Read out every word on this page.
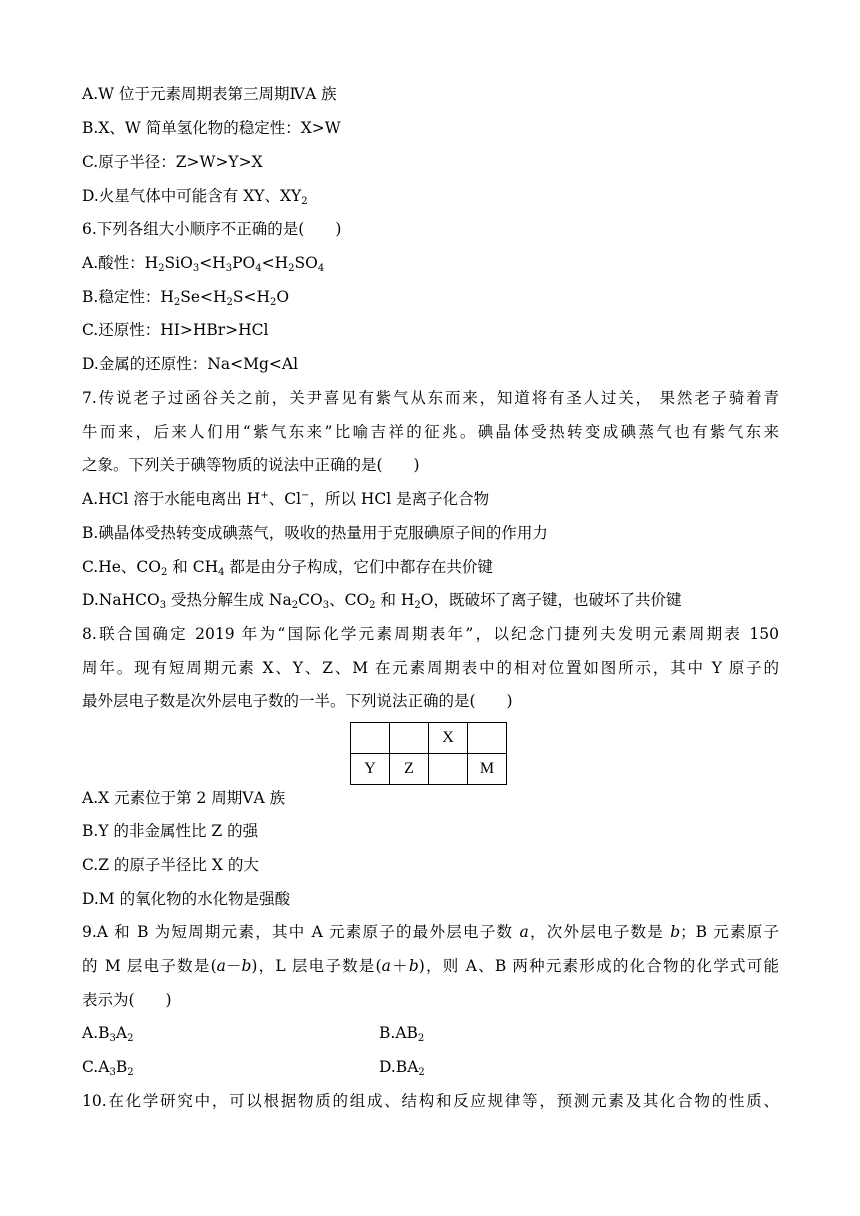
A.W 位于元素周期表第三周期ⅣA 族
B.X、W 简单氢化物的稳定性：X>W
C.原子半径：Z>W>Y>X
D.火星气体中可能含有 XY、$XY_2$
6.下列各组大小顺序不正确的是(　　)
A.酸性：$H_2SiO_3<H_3PO_4<H_2SO_4$
B.稳定性：$H_2Se<H_2S<H_2O$
C.还原性：HI>HBr>HCl
D.金属的还原性：Na<Mg<Al
7.传说老子过函谷关之前，关尹喜见有紫气从东而来，知道将有圣人过关， 果然老子骑着青
牛而来，后来人们用“紫气东来”比喻吉祥的征兆。碘晶体受热转变成碘蒸气也有紫气东来
之象。下列关于碘等物质的说法中正确的是(　　)
A.HCl 溶于水能电离出 H+、Cl−，所以 HCl 是离子化合物
B.碘晶体受热转变成碘蒸气，吸收的热量用于克服碘原子间的作用力
C.He、$CO_2$ 和 $CH_4$ 都是由分子构成，它们中都存在共价键
D.NaHCO$_3$ 受热分解生成 $Na_2CO_3$、$CO_2$ 和 $H_2O$，既破坏了离子键，也破坏了共价键
8.联合国确定 2019 年为“国际化学元素周期表年”，以纪念门捷列夫发明元素周期表 150
周年。现有短周期元素 X、Y、Z、M 在元素周期表中的相对位置如图所示，其中 Y 原子的
最外层电子数是次外层电子数的一半。下列说法正确的是(　　)
		X	
Y	Z		M
A.X 元素位于第 2 周期ⅤA 族
B.Y 的非金属性比 Z 的强
C.Z 的原子半径比 X 的大
D.M 的氧化物的水化物是强酸
9.A 和 B 为短周期元素，其中 A 元素原子的最外层电子数 a，次外层电子数是 b；B 元素原子
的 M 层电子数是(a－b)，L 层电子数是(a＋b)，则 A、B 两种元素形成的化合物的化学式可能
表示为(　　)
$A.B_3A_2$	$B.AB_2$
$C.A_3B_2$	$D.BA_2$
10.在化学研究中，可以根据物质的组成、结构和反应规律等，预测元素及其化合物的性质、
